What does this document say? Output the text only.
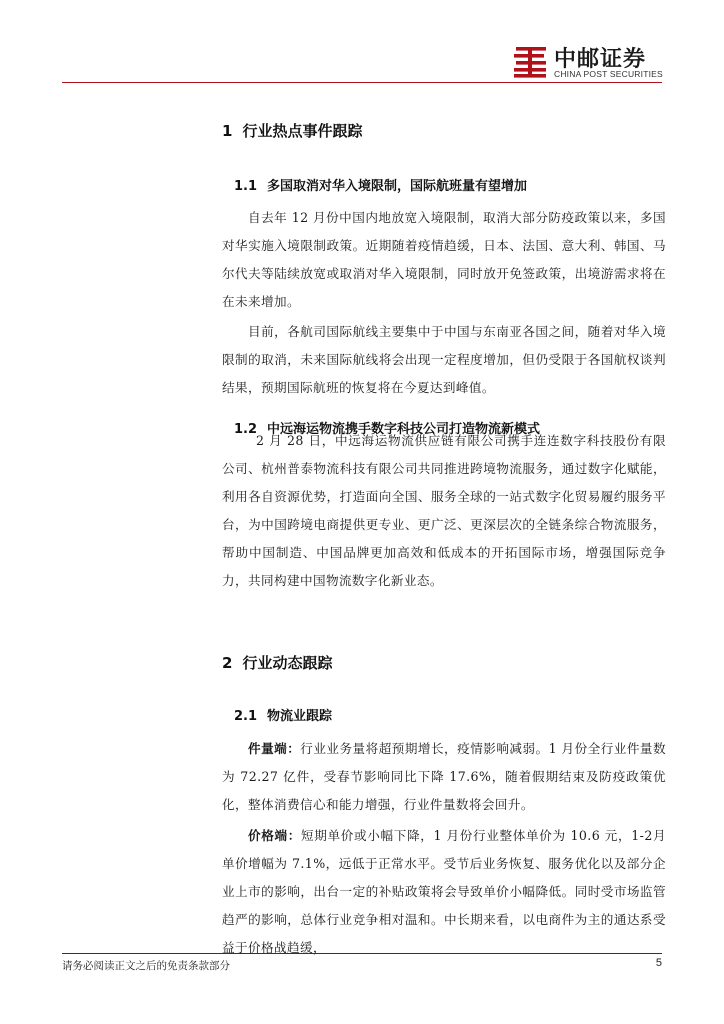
中邮证券
CHINA POST SECURITIES
1 行业热点事件跟踪
1.1 多国取消对华入境限制，国际航班量有望增加
自去年 12 月份中国内地放宽入境限制，取消大部分防疫政策以来，多国对华实施入境限制政策。近期随着疫情趋缓，日本、法国、意大利、韩国、马尔代夫等陆续放宽或取消对华入境限制，同时放开免签政策，出境游需求将在在未来增加。
目前，各航司国际航线主要集中于中国与东南亚各国之间，随着对华入境限制的取消，未来国际航线将会出现一定程度增加，但仍受限于各国航权谈判结果，预期国际航班的恢复将在今夏达到峰值。
1.2 中远海运物流携手数字科技公司打造物流新模式
2 月 28 日，中远海运物流供应链有限公司携手连连数字科技股份有限公司、杭州普泰物流科技有限公司共同推进跨境物流服务，通过数字化赋能，利用各自资源优势，打造面向全国、服务全球的一站式数字化贸易履约服务平台，为中国跨境电商提供更专业、更广泛、更深层次的全链条综合物流服务，帮助中国制造、中国品牌更加高效和低成本的开拓国际市场，增强国际竞争力，共同构建中国物流数字化新业态。
2 行业动态跟踪
2.1 物流业跟踪
件量端：行业业务量将超预期增长，疫情影响减弱。1 月份全行业件量数为 72.27 亿件，受春节影响同比下降 17.6%，随着假期结束及防疫政策优化，整体消费信心和能力增强，行业件量数将会回升。
价格端：短期单价或小幅下降，1 月份行业整体单价为 10.6 元，1-2月单价增幅为 7.1%，远低于正常水平。受节后业务恢复、服务优化以及部分企业上市的影响，出台一定的补贴政策将会导致单价小幅降低。同时受市场监管趋严的影响，总体行业竞争相对温和。中长期来看，以电商件为主的通达系受益于价格战趋缓，
请务必阅读正文之后的免责条款部分	5
